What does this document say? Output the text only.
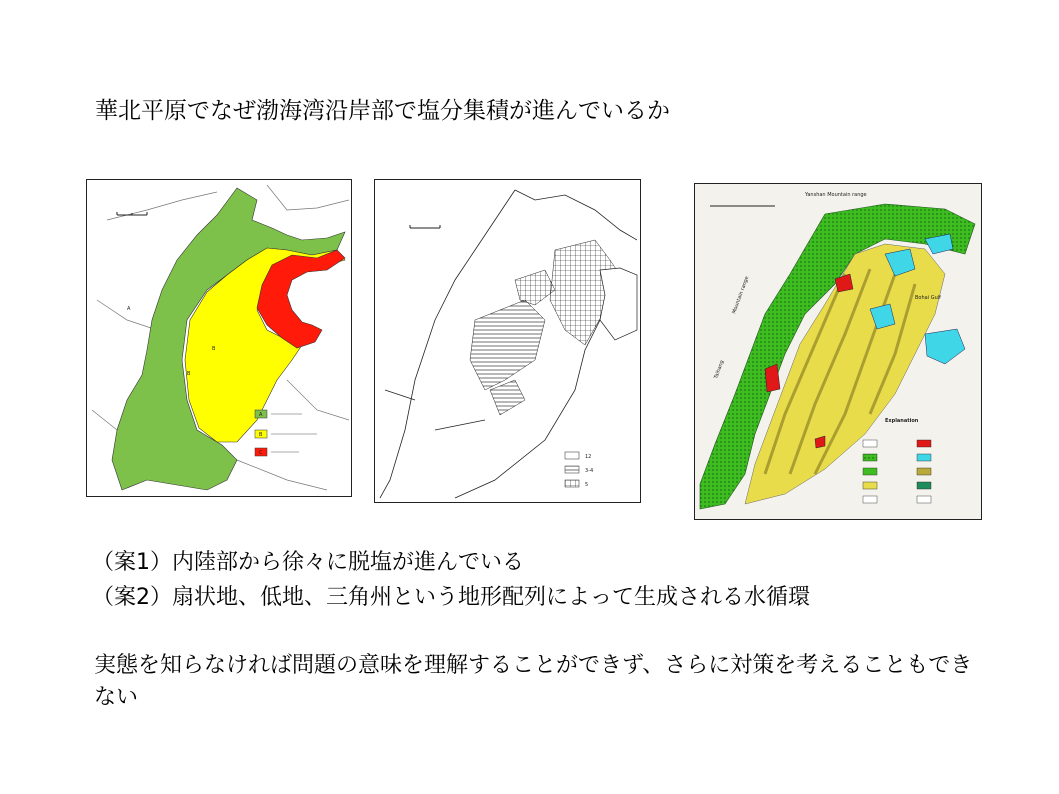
華北平原でなぜ渤海湾沿岸部で塩分集積が進んでいるか
A
B
B
A
B
C
12
3-4
5
Yanshan Mountain range
Bohai Gulf
Explanation
Taihang
Mountain range
（案1）内陸部から徐々に脱塩が進んでいる
（案2）扇状地、低地、三角州という地形配列によって生成される水循環
実態を知らなければ問題の意味を理解することができず、さらに対策を考えることもできない
